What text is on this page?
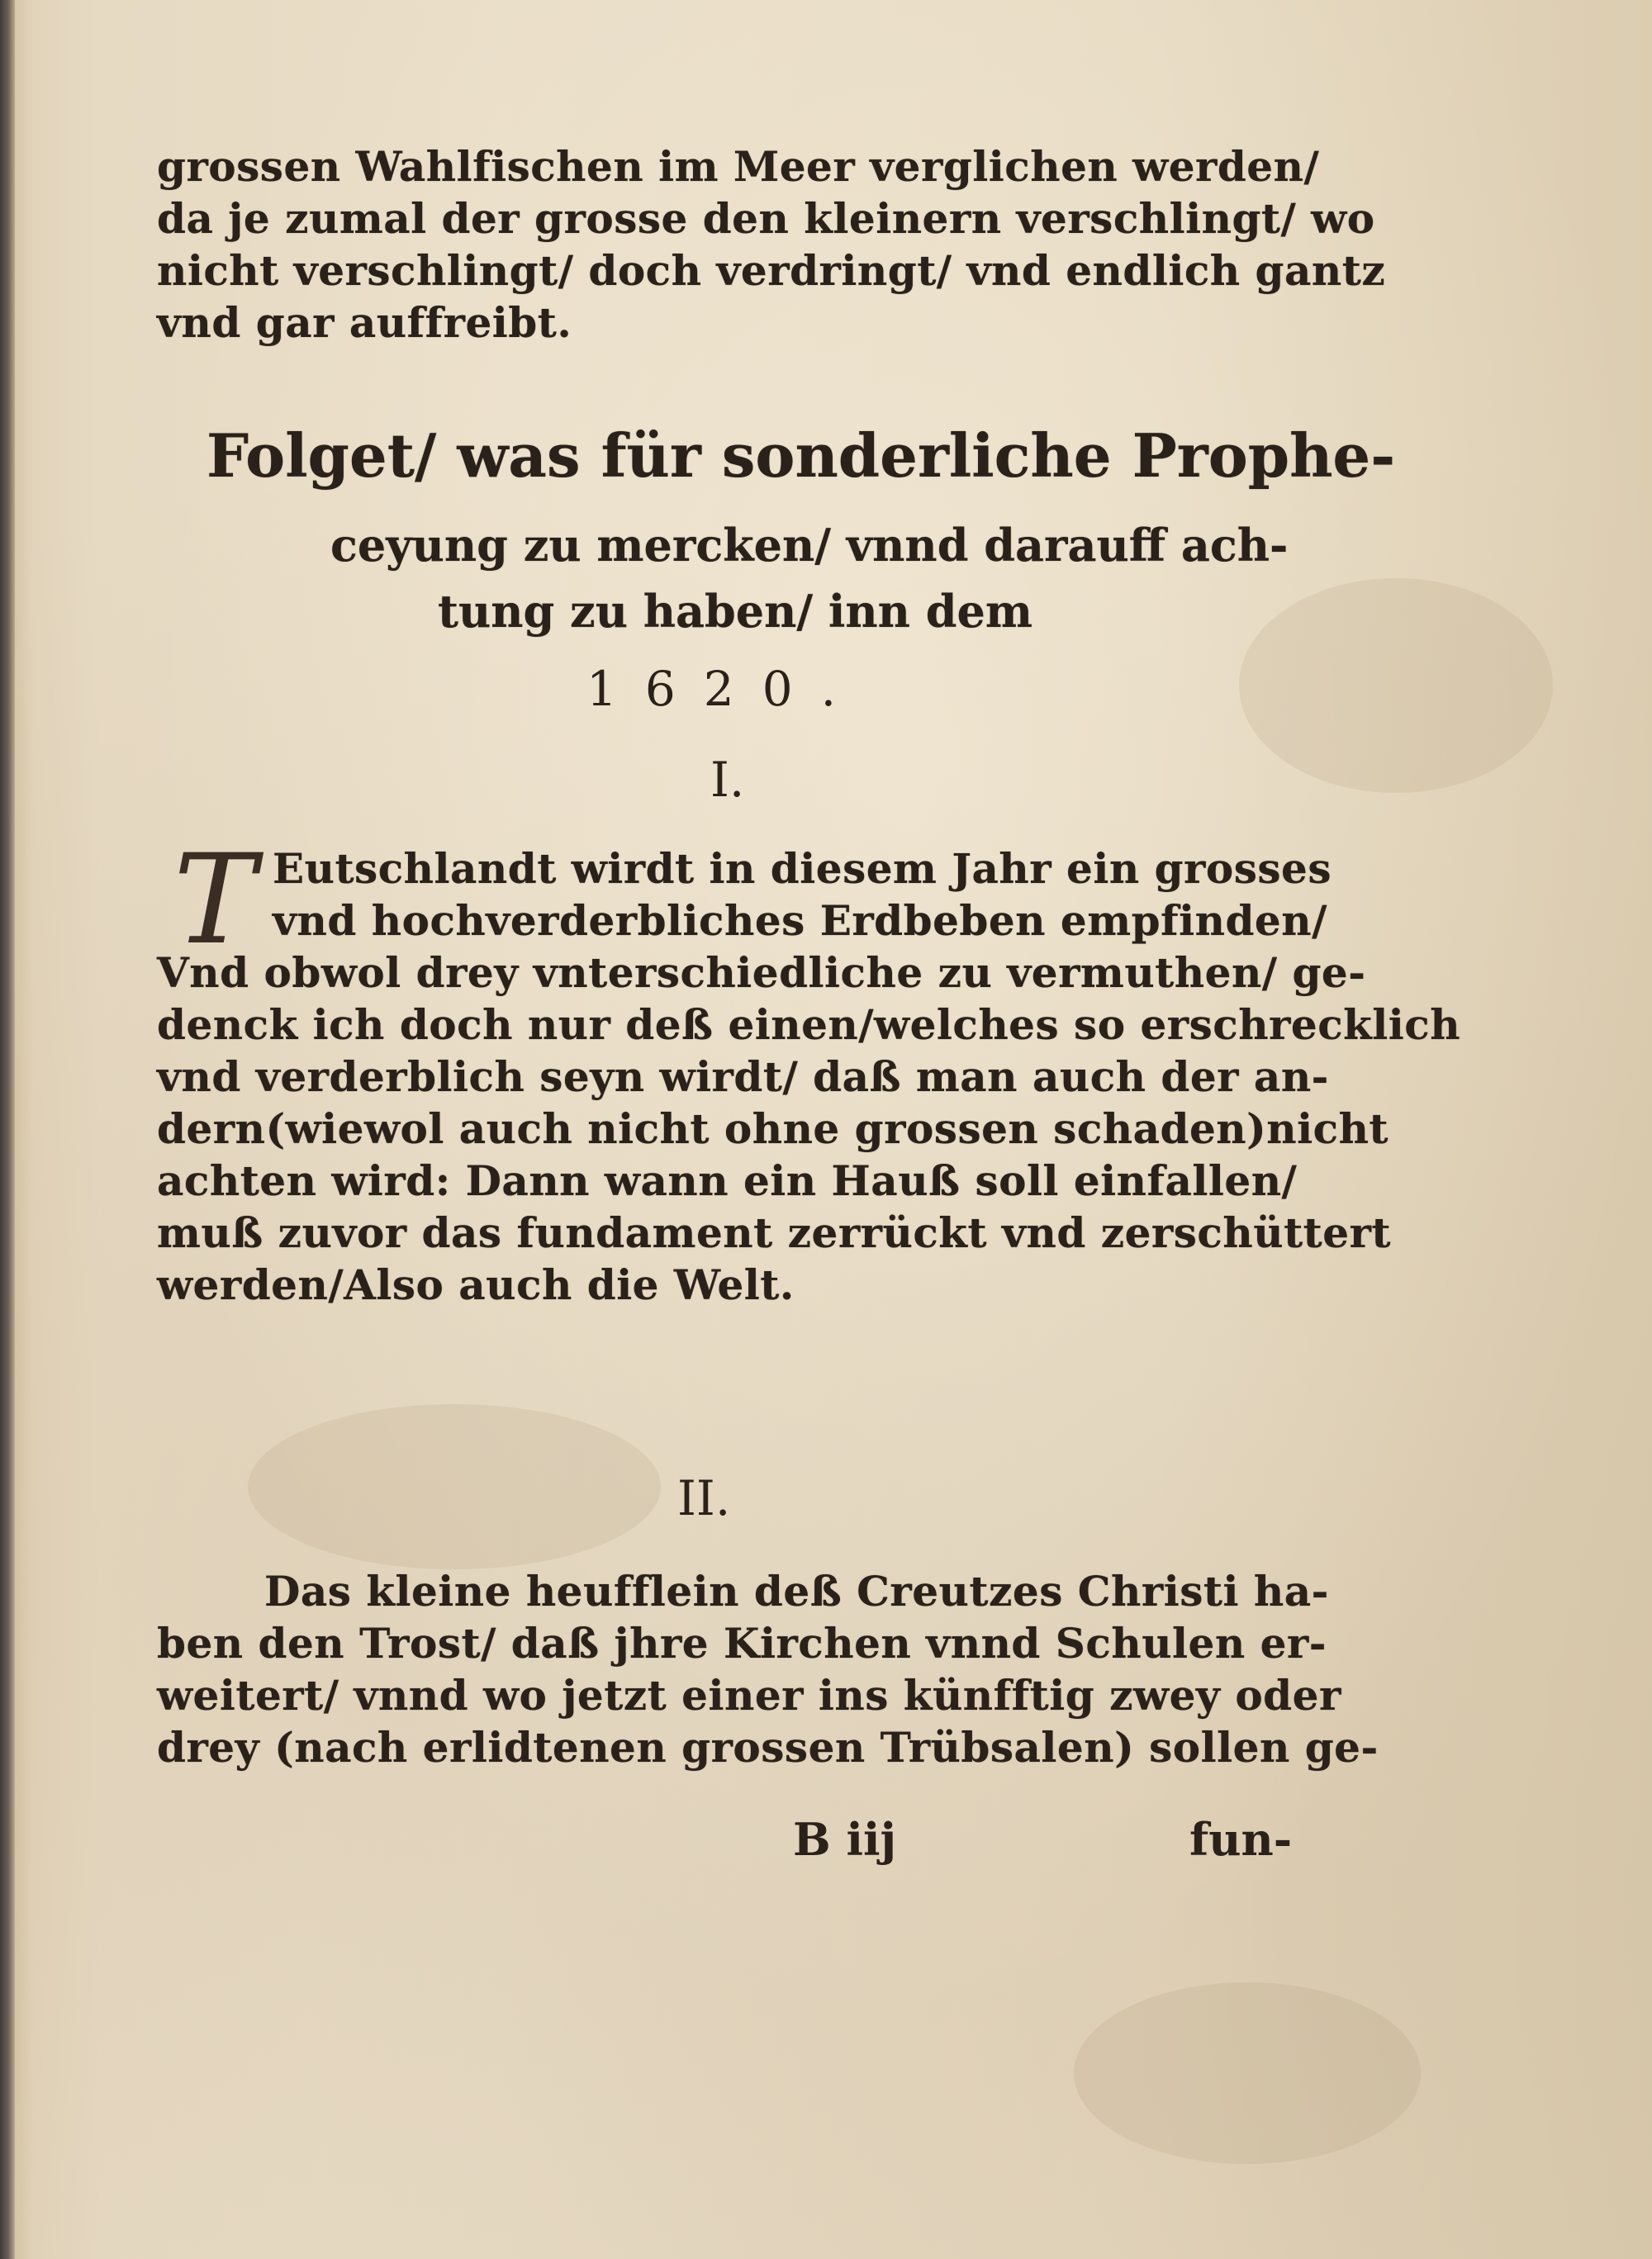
grossen Wahlfischen im Meer verglichen werden/
da je zumal der grosse den kleinern verschlingt/ wo
nicht verschlingt/ doch verdringt/ vnd endlich gantz
vnd gar auffreibt.
Folget/ was für sonderliche Prophe-
ceyung zu mercken/ vnnd darauff ach-
tung zu haben/ inn dem
1620.
I.
T Eutschlandt wirdt in diesem Jahr ein grosses
vnd hochverderbliches Erdbeben empfinden/
Vnd obwol drey vnterschiedliche zu vermuthen/ ge-
denck ich doch nur deß einen/welches so erschrecklich
vnd verderblich seyn wirdt/ daß man auch der an-
dern(wiewol auch nicht ohne grossen schaden)nicht
achten wird: Dann wann ein Hauß soll einfallen/
muß zuvor das fundament zerrückt vnd zerschüttert
werden/Also auch die Welt.
II.
Das kleine heufflein deß Creutzes Christi ha-
ben den Trost/ daß jhre Kirchen vnnd Schulen er-
weitert/ vnnd wo jetzt einer ins künfftig zwey oder
drey (nach erlidtenen grossen Trübsalen) sollen ge-
B iij	fun-
